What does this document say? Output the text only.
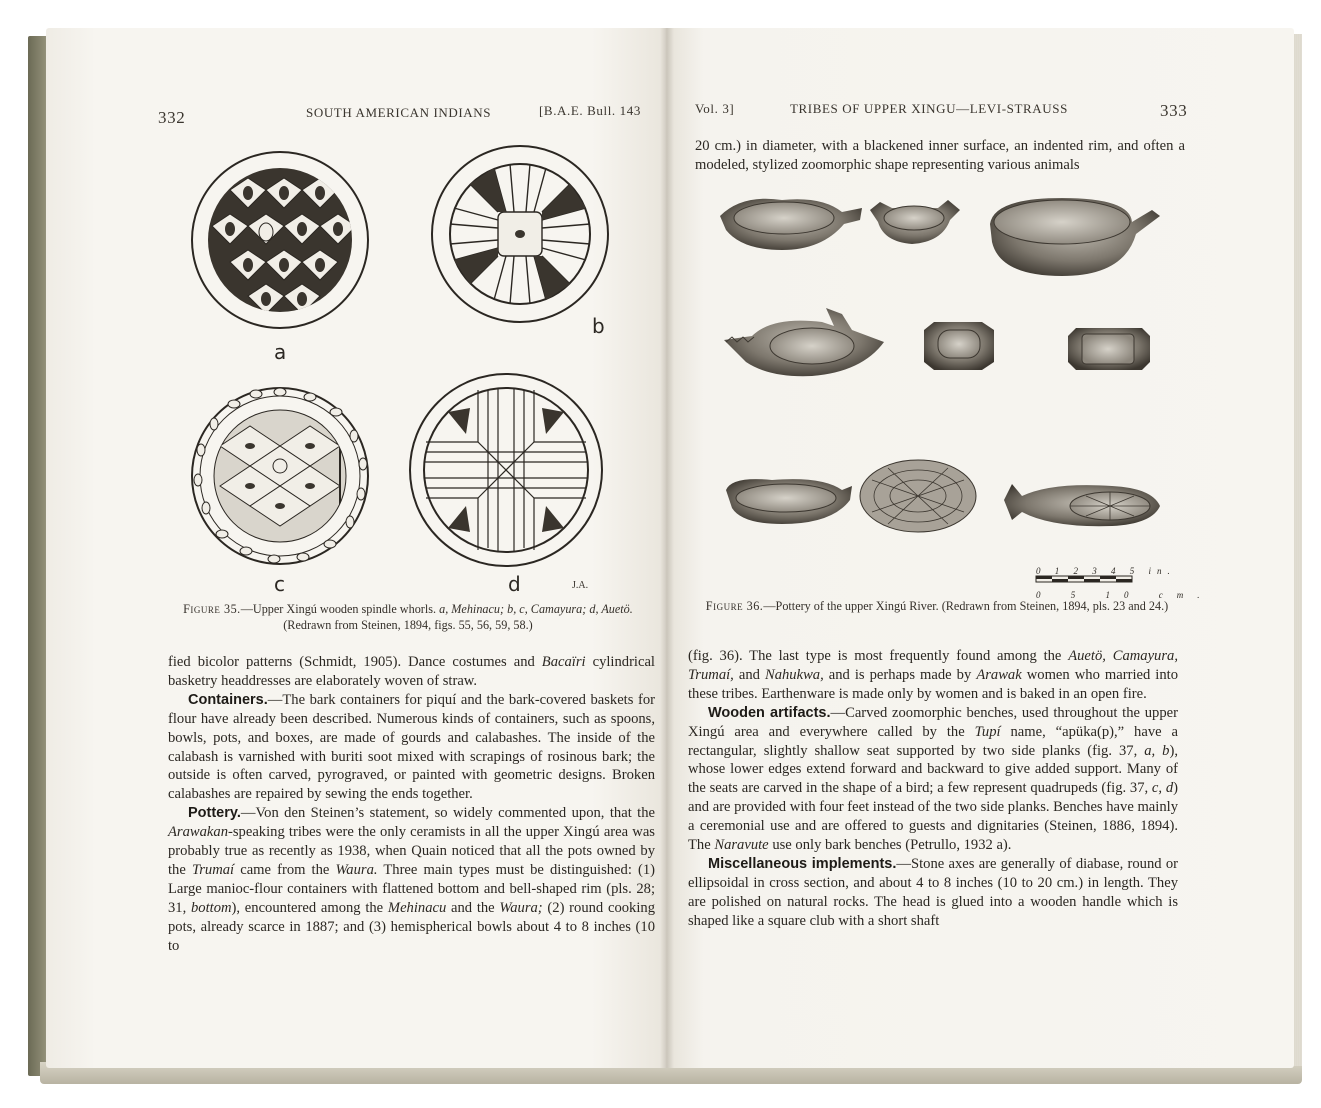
332	SOUTH AMERICAN INDIANS	[B.A.E. Bull. 143
a
b
c	d	J.A.
Figure 35.—Upper Xingú wooden spindle whorls. a, Mehinacu; b, c, Camayura; d, Auetö. (Redrawn from Steinen, 1894, figs. 55, 56, 59, 58.)

fied bicolor patterns (Schmidt, 1905). Dance costumes and Bacaïri cylindrical basketry headdresses are elaborately woven of straw.

Containers.—The bark containers for piquí and the bark-covered baskets for flour have already been described. Numerous kinds of containers, such as spoons, bowls, pots, and boxes, are made of gourds and calabashes. The inside of the calabash is varnished with buriti soot mixed with scrapings of rosinous bark; the outside is often carved, pyrograved, or painted with geometric designs. Broken calabashes are repaired by sewing the ends together.

Pottery.—Von den Steinen’s statement, so widely commented upon, that the Arawakan-speaking tribes were the only ceramists in all the upper Xingú area was probably true as recently as 1938, when Quain noticed that all the pots owned by the Trumaí came from the Waura. Three main types must be distinguished: (1) Large manioc-flour containers with flattened bottom and bell-shaped rim (pls. 28; 31, bottom), encountered among the Mehinacu and the Waura; (2) round cooking pots, already scarce in 1887; and (3) hemispherical bowls about 4 to 8 inches (10 to

Vol. 3]	TRIBES OF UPPER XINGU—LEVI-STRAUSS	333
20 cm.) in diameter, with a blackened inner surface, an indented rim, and often a modeled, stylized zoomorphic shape representing various animals
0 1 2 3 4 5 in.
0 5 10 cm.
Figure 36.—Pottery of the upper Xingú River. (Redrawn from Steinen, 1894, pls. 23 and 24.)

(fig. 36). The last type is most frequently found among the Auetö, Camayura, Trumaí, and Nahukwa, and is perhaps made by Arawak women who married into these tribes. Earthenware is made only by women and is baked in an open fire.

Wooden artifacts.—Carved zoomorphic benches, used throughout the upper Xingú area and everywhere called by the Tupí name, “apüka(p),” have a rectangular, slightly shallow seat supported by two side planks (fig. 37, a, b), whose lower edges extend forward and backward to give added support. Many of the seats are carved in the shape of a bird; a few represent quadrupeds (fig. 37, c, d) and are provided with four feet instead of the two side planks. Benches have mainly a ceremonial use and are offered to guests and dignitaries (Steinen, 1886, 1894). The Naravute use only bark benches (Petrullo, 1932 a).

Miscellaneous implements.—Stone axes are generally of diabase, round or ellipsoidal in cross section, and about 4 to 8 inches (10 to 20 cm.) in length. They are polished on natural rocks. The head is glued into a wooden handle which is shaped like a square club with a short shaft
